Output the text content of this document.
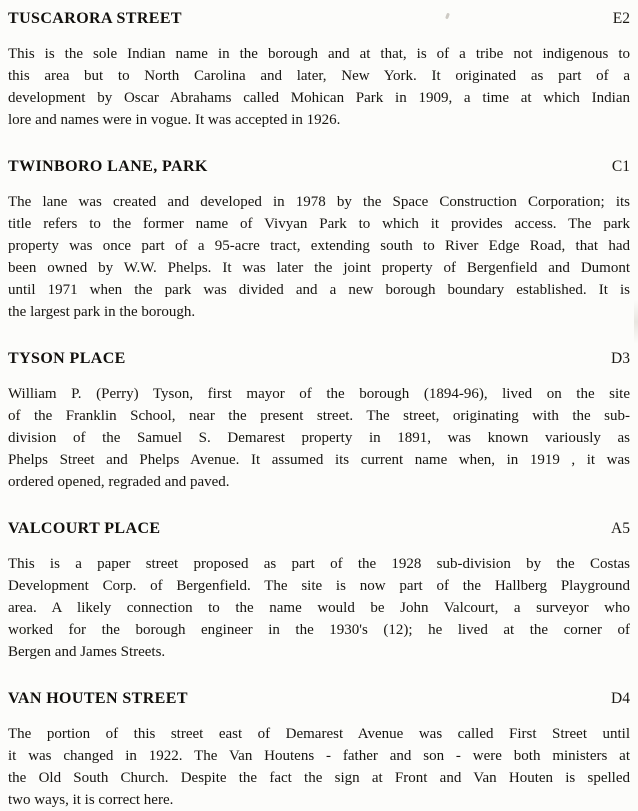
TUSCARORA STREET	E2
This is the sole Indian name in the borough and at that, is of a tribe not indigenous to
this area but to North Carolina and later, New York. It originated as part of a
development by Oscar Abrahams called Mohican Park in 1909, a time at which Indian
lore and names were in vogue. It was accepted in 1926.
TWINBORO LANE, PARK	C1
The lane was created and developed in 1978 by the Space Construction Corporation; its
title refers to the former name of Vivyan Park to which it provides access. The park
property was once part of a 95-acre tract, extending south to River Edge Road, that had
been owned by W.W. Phelps. It was later the joint property of Bergenfield and Dumont
until 1971 when the park was divided and a new borough boundary established. It is
the largest park in the borough.
TYSON PLACE	D3
William P. (Perry) Tyson, first mayor of the borough (1894-96), lived on the site
of the Franklin School, near the present street. The street, originating with the sub-
division of the Samuel S. Demarest property in 1891, was known variously as
Phelps Street and Phelps Avenue. It assumed its current name when, in 1919 , it was
ordered opened, regraded and paved.
VALCOURT PLACE	A5
This is a paper street proposed as part of the 1928 sub-division by the Costas
Development Corp. of Bergenfield. The site is now part of the Hallberg Playground
area. A likely connection to the name would be John Valcourt, a surveyor who
worked for the borough engineer in the 1930's (12); he lived at the corner of
Bergen and James Streets.
VAN HOUTEN STREET	D4
The portion of this street east of Demarest Avenue was called First Street until
it was changed in 1922. The Van Houtens - father and son - were both ministers at
the Old South Church. Despite the fact the sign at Front and Van Houten is spelled
two ways, it is correct here.
